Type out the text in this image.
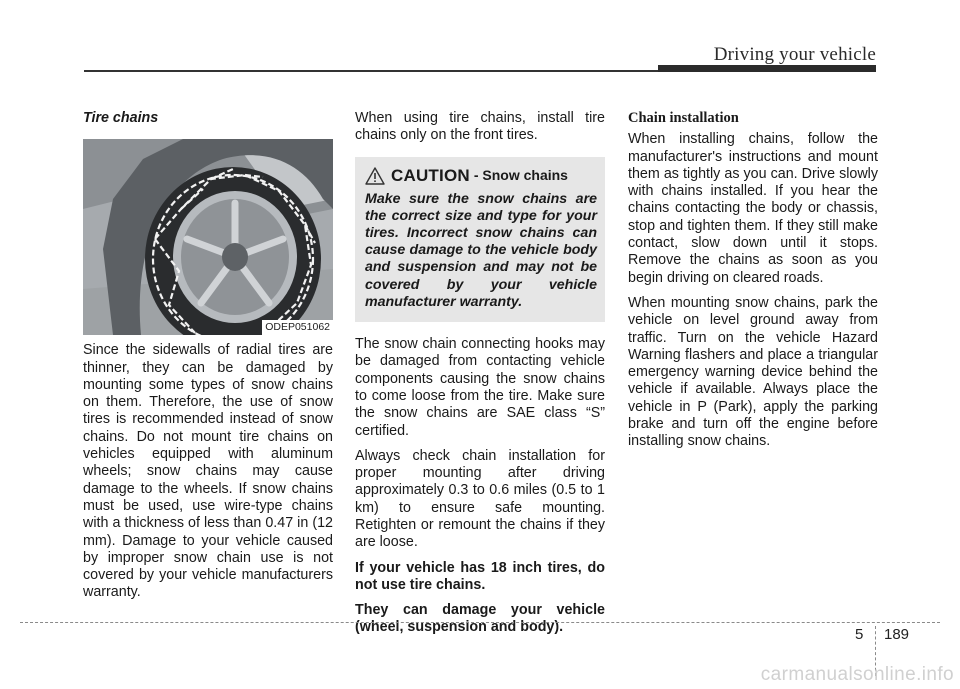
Driving your vehicle
Tire chains
ODEP051062

Since the sidewalls of radial tires are thinner, they can be damaged by mounting some types of snow chains on them. Therefore, the use of snow tires is recommended instead of snow chains. Do not mount tire chains on vehicles equipped with aluminum wheels; snow chains may cause damage to the wheels. If snow chains must be used, use wire-type chains with a thickness of less than 0.47 in (12 mm). Damage to your vehicle caused by improper snow chain use is not covered by your vehicle manufacturers warranty.

When using tire chains, install tire chains only on the front tires.

CAUTION - Snow chains
Make sure the snow chains are the correct size and type for your tires. Incorrect snow chains can cause damage to the vehicle body and suspension and may not be covered by your vehicle manufacturer warranty.

The snow chain connecting hooks may be damaged from contacting vehicle components causing the snow chains to come loose from the tire. Make sure the snow chains are SAE class “S” certified.

Always check chain installation for proper mounting after driving approximately 0.3 to 0.6 miles (0.5 to 1 km) to ensure safe mounting. Retighten or remount the chains if they are loose.

If your vehicle has 18 inch tires, do not use tire chains.

They can damage your vehicle (wheel, suspension and body).

Chain installation

When installing chains, follow the manufacturer's instructions and mount them as tightly as you can. Drive slowly with chains installed. If you hear the chains contacting the body or chassis, stop and tighten them. If they still make contact, slow down until it stops. Remove the chains as soon as you begin driving on cleared roads.

When mounting snow chains, park the vehicle on level ground away from traffic. Turn on the vehicle Hazard Warning flashers and place a triangular emergency warning device behind the vehicle if available. Always place the vehicle in P (Park), apply the parking brake and turn off the engine before installing snow chains.

5 189
carmanualsonline.info
